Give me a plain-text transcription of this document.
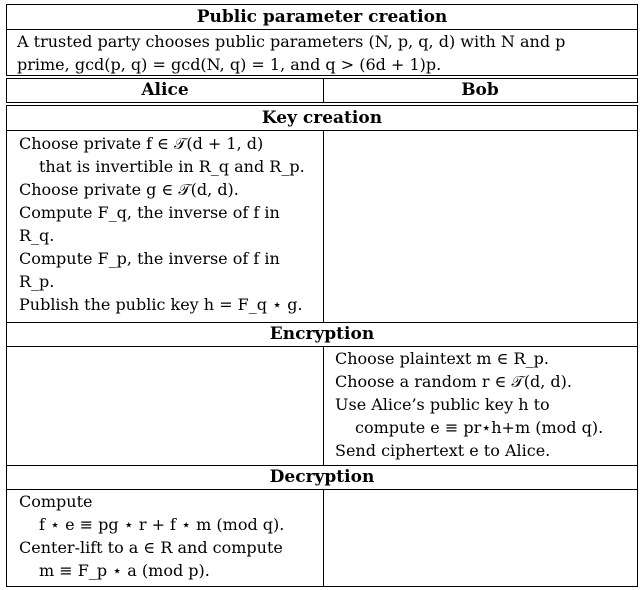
Public parameter creation
A trusted party chooses public parameters (N, p, q, d) with N and p
prime, gcd(p, q) = gcd(N, q) = 1, and q > (6d + 1)p.
Alice	Bob
Key creation
Choose private f ∈ 𝒯(d + 1, d)
that is invertible in R_q and R_p.
Choose private g ∈ 𝒯(d, d).
Compute F_q, the inverse of f in
R_q.
Compute F_p, the inverse of f in
R_p.
Publish the public key h = F_q ⋆ g.
Encryption
Choose plaintext m ∈ R_p.
Choose a random r ∈ 𝒯(d, d).
Use Alice’s public key h to
compute e ≡ pr⋆h+m (mod q).
Send ciphertext e to Alice.
Decryption
Compute
f ⋆ e ≡ pg ⋆ r + f ⋆ m (mod q).
Center-lift to a ∈ R and compute
m ≡ F_p ⋆ a (mod p).
